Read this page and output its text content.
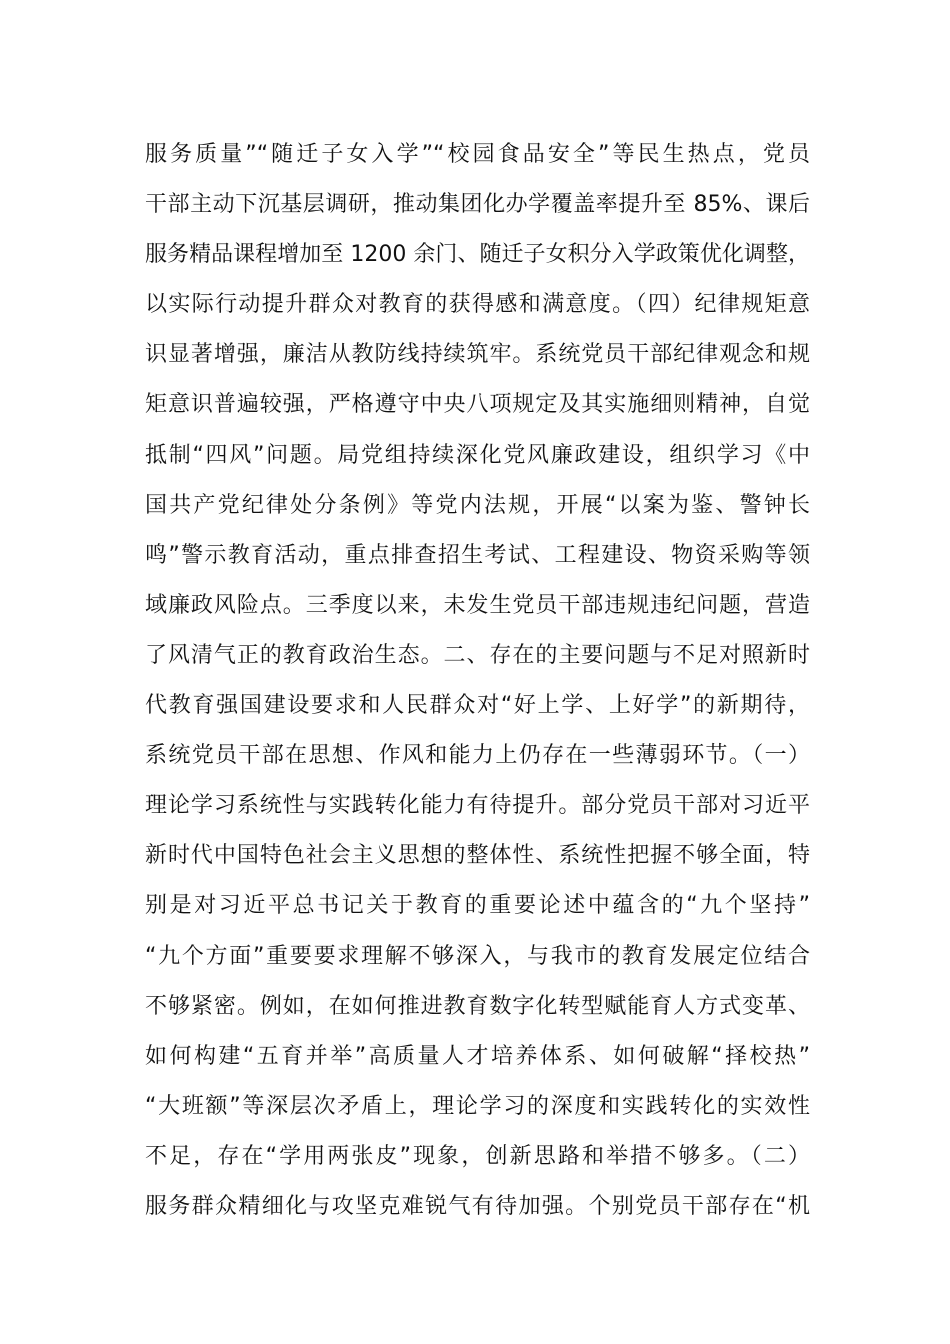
服务质量”“随迁子女入学”“校园食品安全”等民生热点，党员
干部主动下沉基层调研，推动集团化办学覆盖率提升至 85%、课后
服务精品课程增加至 1200 余门、随迁子女积分入学政策优化调整，
以实际行动提升群众对教育的获得感和满意度。（四）纪律规矩意
识显著增强，廉洁从教防线持续筑牢。系统党员干部纪律观念和规
矩意识普遍较强，严格遵守中央八项规定及其实施细则精神，自觉
抵制“四风”问题。局党组持续深化党风廉政建设，组织学习《中
国共产党纪律处分条例》等党内法规，开展“以案为鉴、警钟长
鸣”警示教育活动，重点排查招生考试、工程建设、物资采购等领
域廉政风险点。三季度以来，未发生党员干部违规违纪问题，营造
了风清气正的教育政治生态。二、存在的主要问题与不足对照新时
代教育强国建设要求和人民群众对“好上学、上好学”的新期待，
系统党员干部在思想、作风和能力上仍存在一些薄弱环节。（一）
理论学习系统性与实践转化能力有待提升。部分党员干部对习近平
新时代中国特色社会主义思想的整体性、系统性把握不够全面，特
别是对习近平总书记关于教育的重要论述中蕴含的“九个坚持”
“九个方面”重要要求理解不够深入，与我市的教育发展定位结合
不够紧密。例如，在如何推进教育数字化转型赋能育人方式变革、
如何构建“五育并举”高质量人才培养体系、如何破解“择校热”
“大班额”等深层次矛盾上，理论学习的深度和实践转化的实效性
不足，存在“学用两张皮”现象，创新思路和举措不够多。（二）
服务群众精细化与攻坚克难锐气有待加强。个别党员干部存在“机
